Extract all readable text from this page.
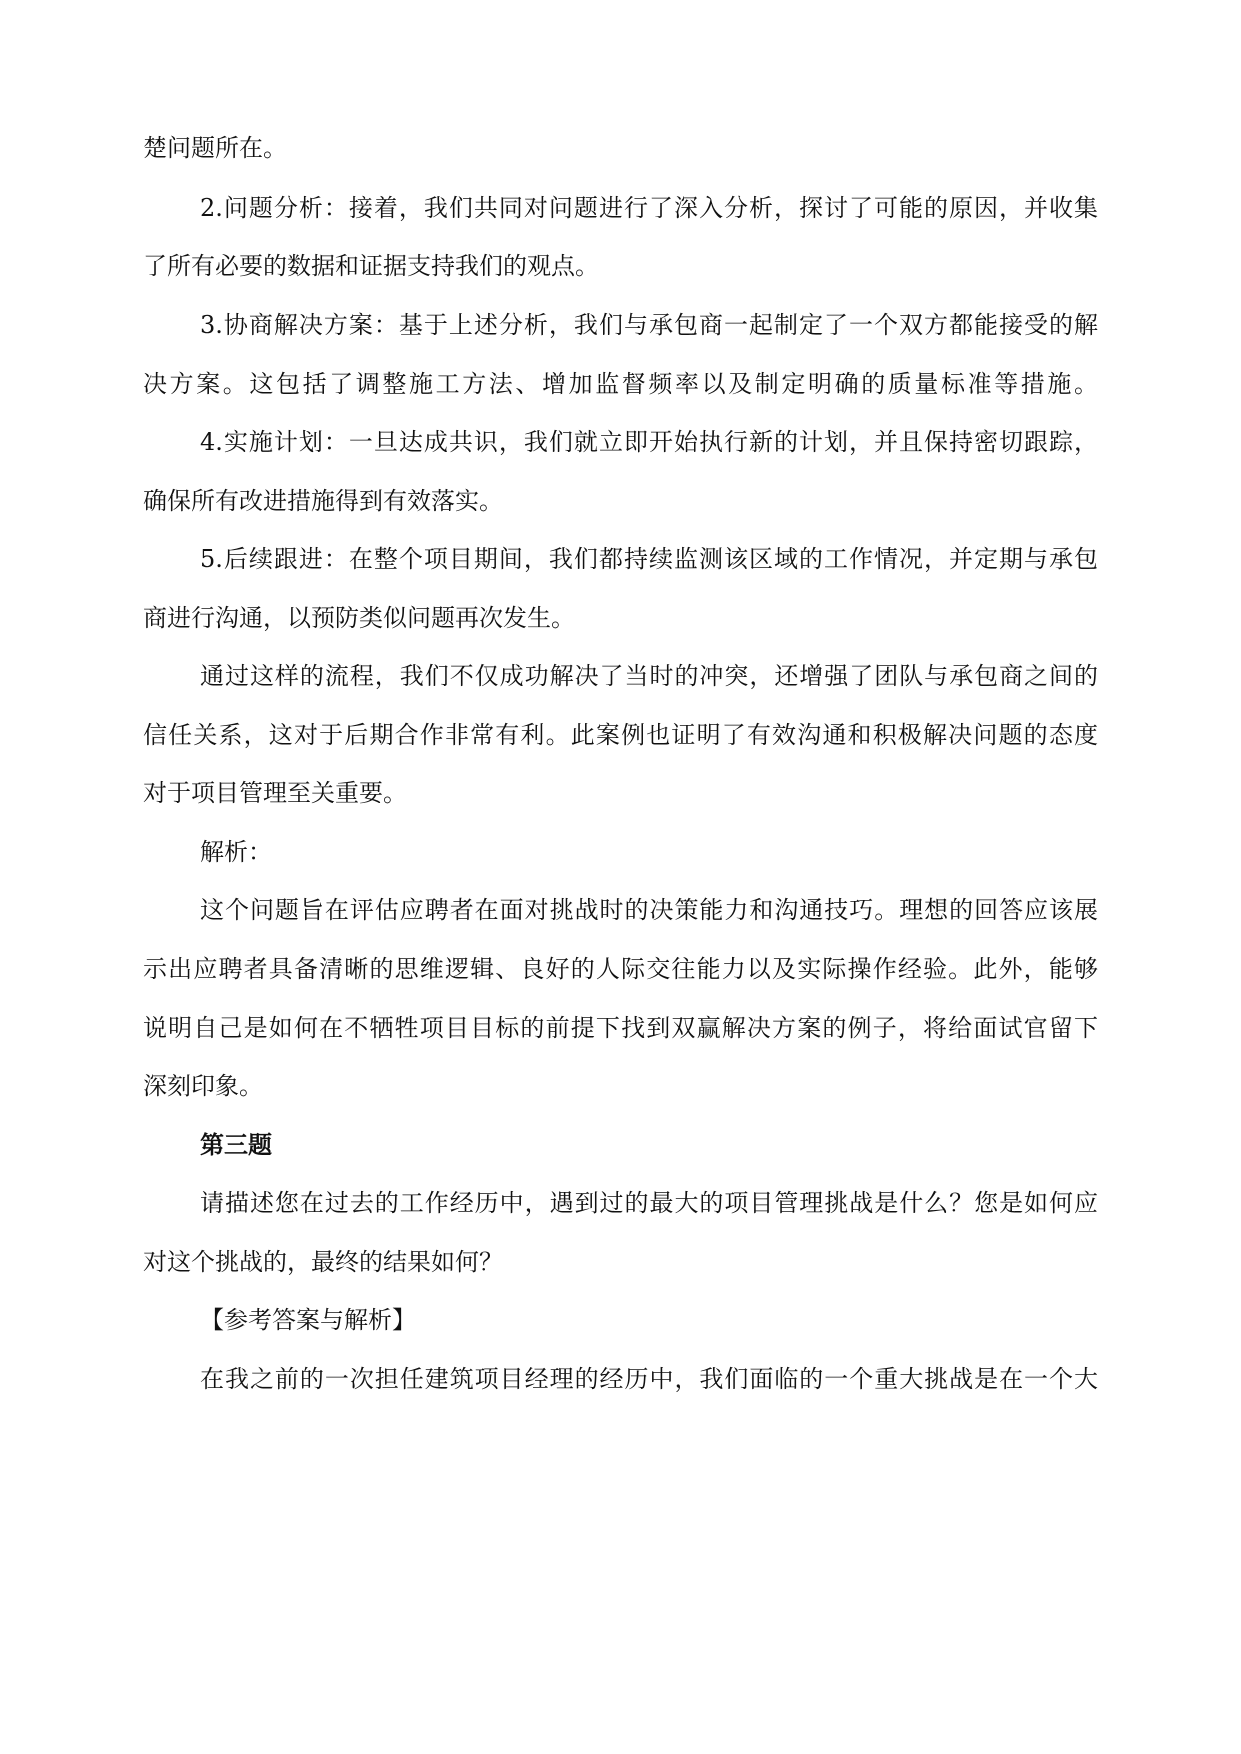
楚问题所在。
2.问题分析：接着，我们共同对问题进行了深入分析，探讨了可能的原因，并收集
了所有必要的数据和证据支持我们的观点。
3.协商解决方案：基于上述分析，我们与承包商一起制定了一个双方都能接受的解
决方案。这包括了调整施工方法、增加监督频率以及制定明确的质量标准等措施。
4.实施计划：一旦达成共识，我们就立即开始执行新的计划，并且保持密切跟踪，
确保所有改进措施得到有效落实。
5.后续跟进：在整个项目期间，我们都持续监测该区域的工作情况，并定期与承包
商进行沟通，以预防类似问题再次发生。
通过这样的流程，我们不仅成功解决了当时的冲突，还增强了团队与承包商之间的
信任关系，这对于后期合作非常有利。此案例也证明了有效沟通和积极解决问题的态度
对于项目管理至关重要。
解析：
这个问题旨在评估应聘者在面对挑战时的决策能力和沟通技巧。理想的回答应该展
示出应聘者具备清晰的思维逻辑、良好的人际交往能力以及实际操作经验。此外，能够
说明自己是如何在不牺牲项目目标的前提下找到双赢解决方案的例子，将给面试官留下
深刻印象。
第三题
请描述您在过去的工作经历中，遇到过的最大的项目管理挑战是什么？您是如何应
对这个挑战的，最终的结果如何？
【参考答案与解析】
在我之前的一次担任建筑项目经理的经历中，我们面临的一个重大挑战是在一个大
